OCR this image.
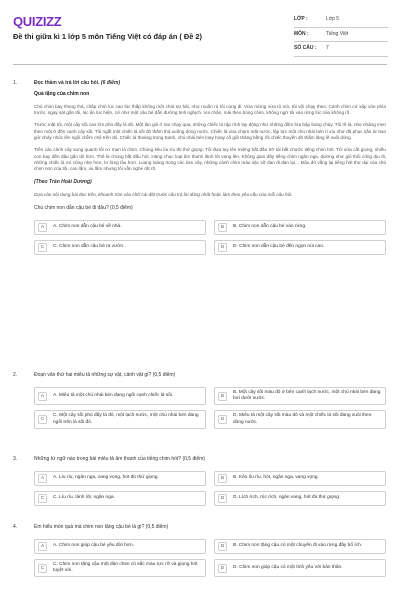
QUIZIZZ
Đề thi giữa kì 1 lớp 5 môn Tiếng Việt có đáp án ( Đề 2)
LỚP :	Lớp 5
MÔN :	Tiếng Việt
SỐ CÂU :	7
1.	Đọc thầm và trả lời câu hỏi. (6 điểm)
Quà tặng của chim non

Chú chim bay thong thả, chấp chới lúc cao lúc thấp không một chút sợ hãi, như muốn rủ tôi cùng đi. Vừa mừng vừa tò mò, tôi vội chạy theo. Cánh chim cứ xập xòe phía trước, ngay sát gần tôi, lúc ẩn lúc hiện, cứ như một cậu bé dẫn đường tinh nghịch. Vui chân, mải theo bóng chim, không ngờ tôi vào rừng lúc nào không rõ.

Trước mặt tôi, một cây sồi cao lớn phủ đầy lá đỏ. Một làn gió rì rào chạy qua, những chiếc lá rập rình lay động như những đốm lửa bập bùng cháy. Tôi rẽ lá, nhẹ nhàng men theo một ở đốn canh cây sồi. Tôi ngắt một chiếc lá sồi đỏ thắm thả xuống dòng nước. Chiếc lá vừa chạm mặt nước, lập tức một chú nhái bén tí xíu như đã phục sẵn từ bao giờ nhảy nhóc lên ngồi chễm chệ trên đó. Chiếc lá thoáng trong tranh, chú nhái bén loay hoay cố giữ thăng bằng rồi chiếc thuyền đỏ thắm lặng lẽ xuôi dòng.

Trên các cành cây xung quanh tôi cơ man là chim. Chúng kêu líu ríu đủ thứ giọng. Tôi đưa tay lên miệng bắt đầu trở tài bắt chước tiếng chim hót. Tôi vừa cất giọng, nhiều con bay đến đậu gần tôi hơn. Thế là chúng bắt đầu hót. Hàng chục loại âm thanh lảnh lót vang lên. Không gian đầy tiếng chim ngân nga, dường như gió thổi cũng dịu đi, những chiếc lá rơi cũng nhẹ hơn, lơ lửng lâu hơn. Loang loáng trong các lùm cây, những cánh chim màu sặc sỡ đan đi đan lại… Đâu đó vẳng lại tiếng hót thơ dại của chú chim non của tôi, cao lắm, xa lắm nhưng tôi vẫn nghe rất rõ.

(Theo Trần Hoài Dương)
Dựa vào nội dung bài đọc trên, khoanh tròn vào chữ cái đặt trước câu trả lời đúng nhất hoặc làm theo yêu cầu của mỗi câu hỏi.
Chú chim non dẫn cậu bé đi đâu? (0,5 điểm)
A	A. Chim non dẫn cậu bé về nhà.	B	B. Chim non dẫn cậu bé vào rừng.
C	C. Chim non dẫn cậu bé ra vườn.	D	D. Chim non dẫn cậu bé đến ngọn núi cao.
2.	Đoạn văn thứ hai miêu tả những sự vật, cảnh vật gì? (0,5 điểm)
A	A. Miêu tả một chú nhái bén đang ngồi cạnh chiếc lá sồi.	B
B. Một cây sồi màu đỏ ở bên cạnh lạch nước, một chú nhái bén đang bơi dưới nước.
C
C. Một cây sồi phủ đầy lá đỏ, một lạch nước, một chú nhái bén đang ngồi trên lá sồi đỏ.
D
D. Miêu tả một cây sồi màu đỏ và một chiếc lá sồi đang xuôi theo dòng nước.
3.	Những từ ngữ nào trong bài miêu tả âm thanh của tiếng chim hót? (0,5 điểm)
A	A. Líu ríu, ngân nga, vang vọng, hót đủ thứ giọng.	B	B. Kêu líu ríu, hót, ngân nga, vang vọng.
C	C. Líu ríu, lảnh lót, ngân nga.	D	D. Lích rích, rúc rích, ngân vang, hót đủ thứ giọng.
4.	Em hiểu món quà mà chim non tặng cậu bé là gì? (0,5 điểm)
A	A. Chim non giúp cậu bé yêu đời hơn.	B	B. Chim non tặng cậu có một chuyến đi vào rừng đầy bổ ích.
C
C. Chim non tặng cậu một đàn chim có sắc màu rực rỡ và giọng hót tuyệt vời.
D	D. Chim non giúp cậu có một tình yêu với bản thân.
